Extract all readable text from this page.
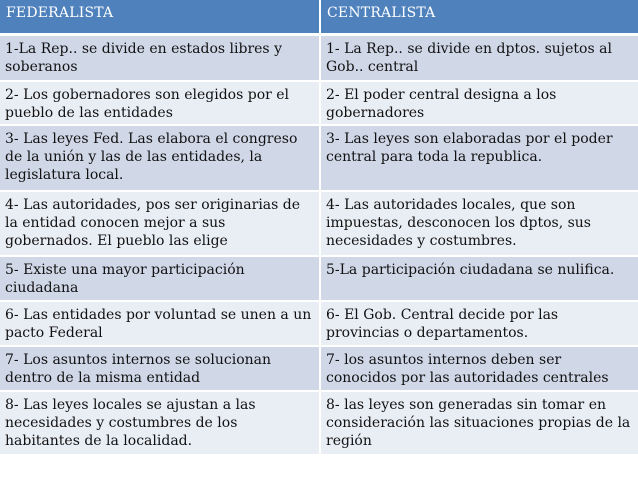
FEDERALISTA	CENTRALISTA
1-La Rep.. se divide en estados libres y soberanos	1- La Rep.. se divide en dptos. sujetos al Gob.. central
2- Los gobernadores son elegidos por el pueblo de las entidades	2- El poder central designa a los gobernadores
3- Las leyes Fed. Las elabora el congreso de la unión y las de las entidades, la legislatura local.	3- Las leyes son elaboradas por el poder central para toda la republica.
4- Las autoridades, pos ser originarias de la entidad conocen mejor a sus gobernados. El pueblo las elige	4- Las autoridades locales, que son impuestas, desconocen los dptos, sus necesidades y costumbres.
5- Existe una mayor participación ciudadana	5-La participación ciudadana se nulifica.
6- Las entidades por voluntad se unen a un pacto Federal	6- El Gob. Central decide por las provincias o departamentos.
7- Los asuntos internos se solucionan dentro de la misma entidad	7- los asuntos internos deben ser conocidos por las autoridades centrales
8- Las leyes locales se ajustan a las necesidades y costumbres de los habitantes de la localidad.	8- las leyes son generadas sin tomar en consideración las situaciones propias de la región
